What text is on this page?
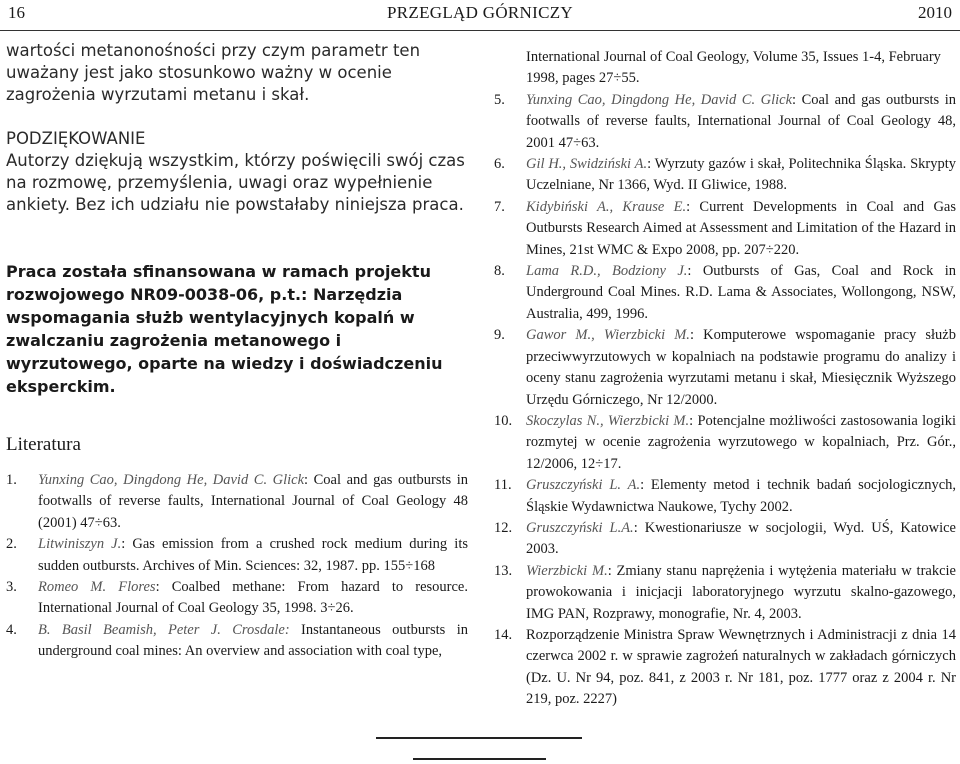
16	PRZEGLĄD GÓRNICZY	2010

wartości metanonośności przy czym parametr ten uważany jest jako stosunkowo ważny w ocenie zagrożenia wyrzutami metanu i skał.

PODZIĘKOWANIE

Autorzy dziękują wszystkim, którzy poświęcili swój czas na rozmowę, przemyślenia, uwagi oraz wypełnienie ankiety. Bez ich udziału nie powstałaby niniejsza praca.

Praca została sfinansowana w ramach projektu rozwojowego NR09-0038-06, p.t.: Narzędzia wspomagania służb wentylacyjnych kopalń w zwalczaniu zagrożenia metanowego i wyrzutowego, oparte na wiedzy i doświadczeniu eksperckim.

Literatura
1. Yunxing Cao, Dingdong He, David C. Glick: Coal and gas outbursts in footwalls of reverse faults, International Journal of Coal Geology 48 (2001) 47÷63.
2. Litwiniszyn J.: Gas emission from a crushed rock medium during its sudden outbursts. Archives of Min. Sciences: 32, 1987. pp. 155÷168
3. Romeo M. Flores: Coalbed methane: From hazard to resource. International Journal of Coal Geology 35, 1998. 3÷26.
4. B. Basil Beamish, Peter J. Crosdale: Instantaneous outbursts in underground coal mines: An overview and association with coal type,
International Journal of Coal Geology, Volume 35, Issues 1-4, February 1998, pages 27÷55.
5. Yunxing Cao, Dingdong He, David C. Glick: Coal and gas outbursts in footwalls of reverse faults, International Journal of Coal Geology 48, 2001 47÷63.
6. Gil H., Swidziński A.: Wyrzuty gazów i skał, Politechnika Śląska. Skrypty Uczelniane, Nr 1366, Wyd. II Gliwice, 1988.
7. Kidybiński A., Krause E.: Current Developments in Coal and Gas Outbursts Research Aimed at Assessment and Limitation of the Hazard in Mines, 21st WMC & Expo 2008, pp. 207÷220.
8. Lama R.D., Bodziony J.: Outbursts of Gas, Coal and Rock in Underground Coal Mines. R.D. Lama & Associates, Wollongong, NSW, Australia, 499, 1996.
9. Gawor M., Wierzbicki M.: Komputerowe wspomaganie pracy służb przeciwwyrzutowych w kopalniach na podstawie programu do analizy i oceny stanu zagrożenia wyrzutami metanu i skał, Miesięcznik Wyższego Urzędu Górniczego, Nr 12/2000.
10. Skoczylas N., Wierzbicki M.: Potencjalne możliwości zastosowania logiki rozmytej w ocenie zagrożenia wyrzutowego w kopalniach, Prz. Gór., 12/2006, 12÷17.
11. Gruszczyński L. A.: Elementy metod i technik badań socjologicznych, Śląskie Wydawnictwa Naukowe, Tychy 2002.
12. Gruszczyński L.A.: Kwestionariusze w socjologii, Wyd. UŚ, Katowice 2003.
13. Wierzbicki M.: Zmiany stanu naprężenia i wytężenia materiału w trakcie prowokowania i inicjacji laboratoryjnego wyrzutu skalno-gazowego, IMG PAN, Rozprawy, monografie, Nr. 4, 2003.
14. Rozporządzenie Ministra Spraw Wewnętrznych i Administracji z dnia 14 czerwca 2002 r. w sprawie zagrożeń naturalnych w zakładach górniczych (Dz. U. Nr 94, poz. 841, z 2003 r. Nr 181, poz. 1777 oraz z 2004 r. Nr 219, poz. 2227)
